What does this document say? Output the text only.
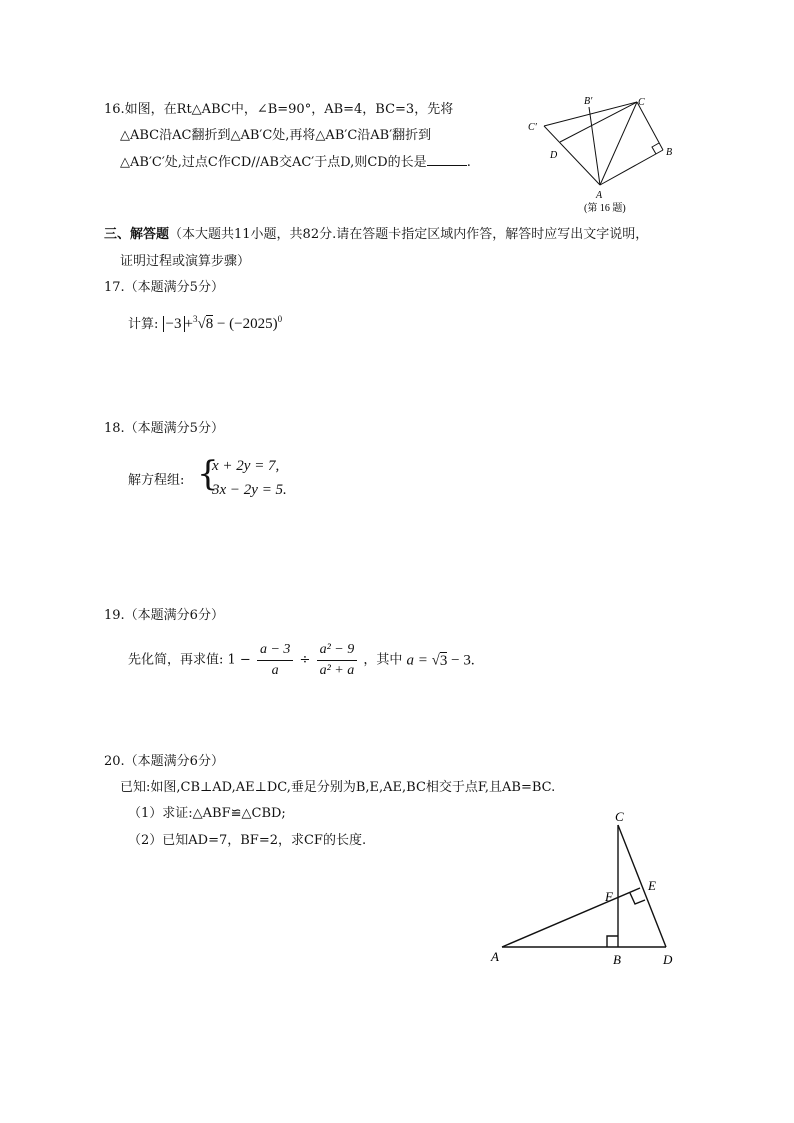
16.如图，在Rt△ABC中，∠B=90°，AB=4，BC=3，先将
△ABC沿AC翻折到△AB′C处,再将△AB′C沿AB′翻折到
△AB′C′处,过点C作CD//AB交AC′于点D,则CD的长是	.
C′
B′	C
B
D
A
(第 16 题)
三、解答题（本大题共11小题，共82分.请在答题卡指定区域内作答，解答时应写出文字说明，
证明过程或演算步骤）
17.（本题满分5分）
计算: $-3 +^3√8 - (-2025)^0$
18.（本题满分5分）
解方程组: {
x + 2y = 7,
3x − 2y = 5.
19.（本题满分6分）
先化简，再求值: $1 - \frac{a - 3}{a} \div \frac{\text{a² − 9}}{\text{a² + a}}$ ，其中 a = √3 − 3.
20.（本题满分6分）
已知:如图,CB⊥AD,AE⊥DC,垂足分别为B,E,AE,BC相交于点F,且AB=BC.
（1）求证:△ABF≌△CBD;
（2）已知AD=7，BF=2，求CF的长度.
C
E
F
A	B	D
